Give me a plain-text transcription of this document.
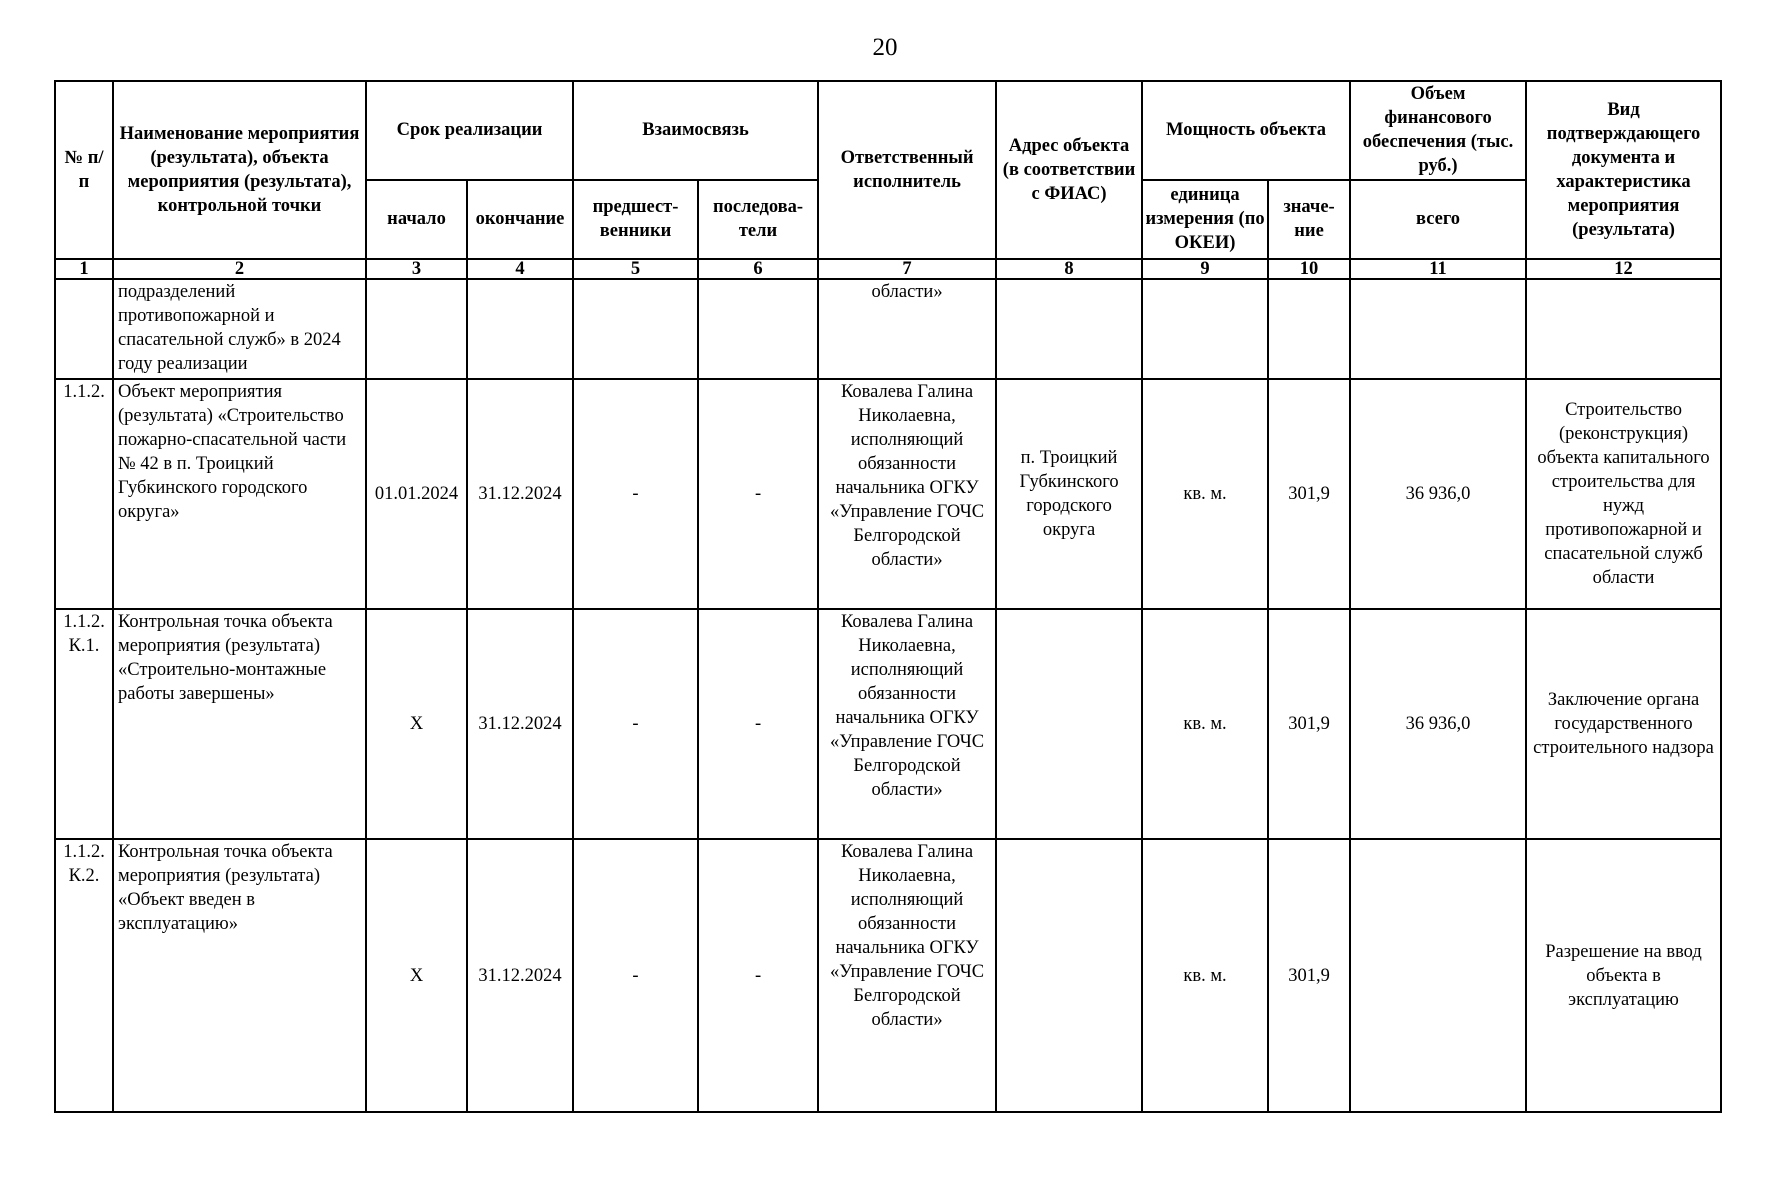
20
№ п/п	Наименование мероприятия (результата), объекта мероприятия (результата), контрольной точки	Срок реализации		Взаимосвязь		Ответственный исполнитель	Адрес объекта (в соответствии с ФИАС)	Мощность объекта		Объем финансового обеспечения (тыс. руб.)	Вид подтверждающего документа и характеристика мероприятия (результата)
		начало	окончание	предшест- венники	последова- тели			единица измерения (по ОКЕИ)	значе- ние	всего	
1	2	3	4	5	6	7	8	9	10	11	12
	подразделений противопожарной и спасательной служб» в 2024 году реализации					области»					
1.1.2.	Объект мероприятия (результата) «Строительство пожарно-спасательной части № 42 в п. Троицкий Губкинского городского округа»	01.01.2024	31.12.2024	-	-	Ковалева Галина Николаевна, исполняющий обязанности начальника ОГКУ «Управление ГОЧС Белгородской области»	п. Троицкий Губкинского городского округа	кв. м.	301,9	36 936,0	Строительство (реконструкция) объекта капитального строительства для нужд противопожарной и спасательной служб области
1.1.2. К.1.	Контрольная точка объекта мероприятия (результата) «Строительно-монтажные работы завершены»	Х	31.12.2024	-	-	Ковалева Галина Николаевна, исполняющий обязанности начальника ОГКУ «Управление ГОЧС Белгородской области»		кв. м.	301,9	36 936,0	Заключение органа государственного строительного надзора
1.1.2. К.2.	Контрольная точка объекта мероприятия (результата) «Объект введен в эксплуатацию»	Х	31.12.2024	-	-	Ковалева Галина Николаевна, исполняющий обязанности начальника ОГКУ «Управление ГОЧС Белгородской области»		кв. м.	301,9		Разрешение на ввод объекта в эксплуатацию
